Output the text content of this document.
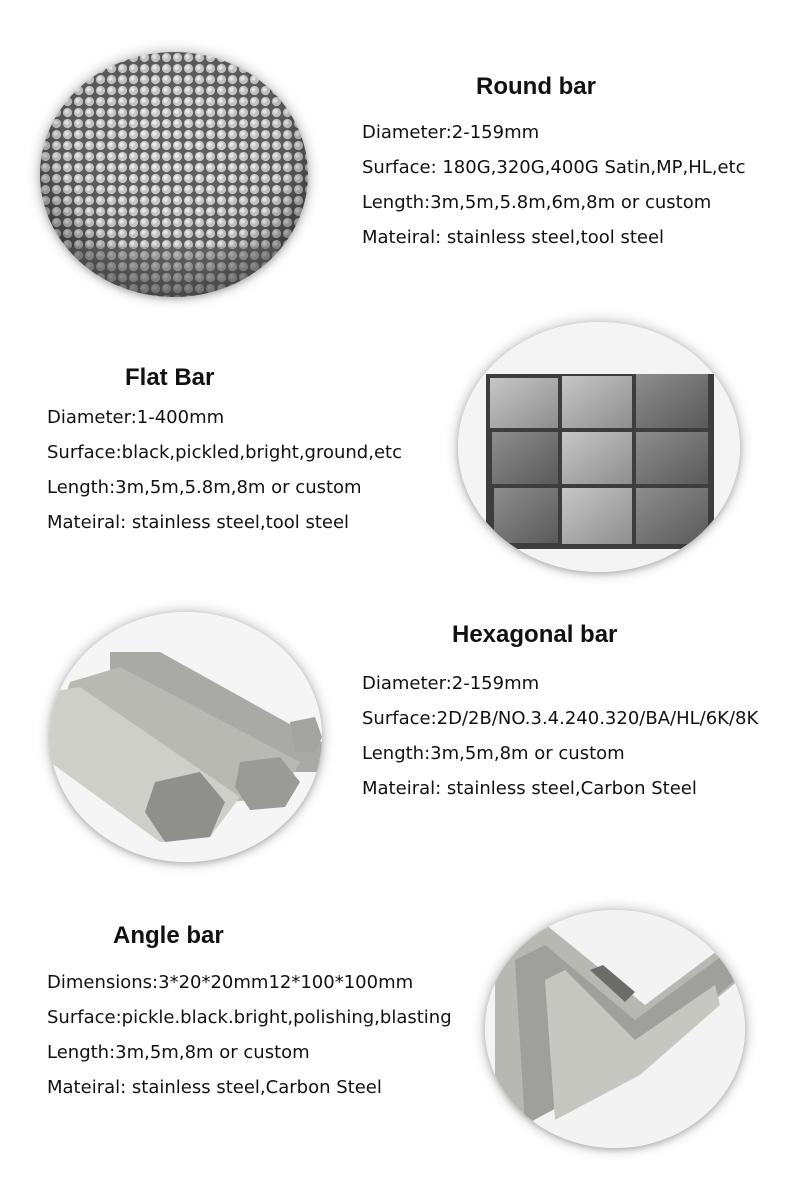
Round bar
Diameter:2-159mm
Surface: 180G,320G,400G Satin,MP,HL,etc
Length:3m,5m,5.8m,6m,8m or custom
Mateiral: stainless steel,tool steel
Flat Bar
Diameter:1-400mm
Surface:black,pickled,bright,ground,etc
Length:3m,5m,5.8m,8m or custom
Mateiral: stainless steel,tool steel
Hexagonal bar
Diameter:2-159mm
Surface:2D/2B/NO.3.4.240.320/BA/HL/6K/8K
Length:3m,5m,8m or custom
Mateiral: stainless steel,Carbon Steel
Angle bar
Dimensions:3*20*20mm12*100*100mm
Surface:pickle.black.bright,polishing,blasting
Length:3m,5m,8m or custom
Mateiral: stainless steel,Carbon Steel
